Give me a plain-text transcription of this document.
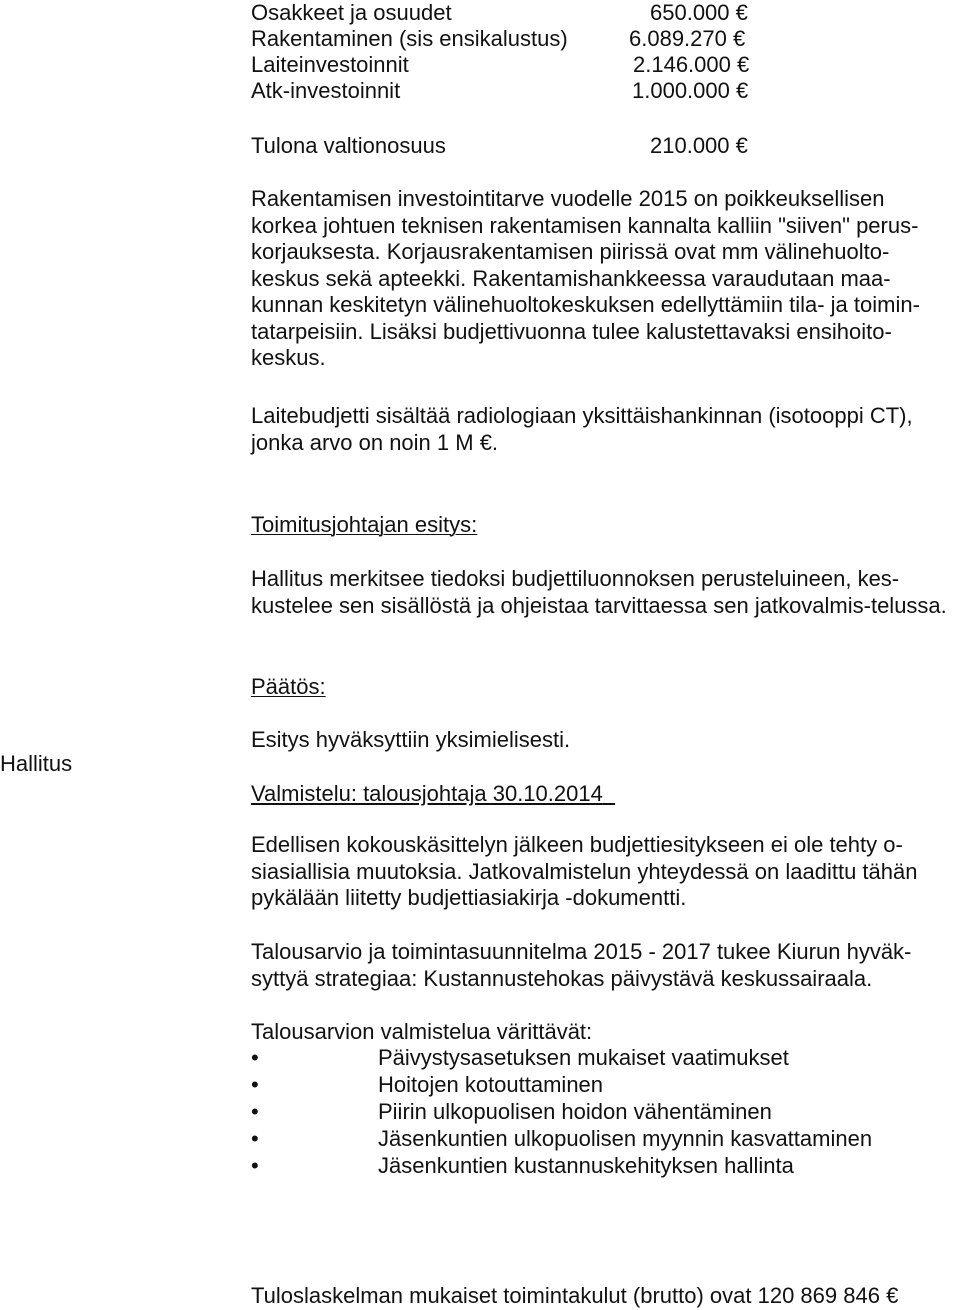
Osakkeet ja osuudet	650.000 €
Rakentaminen (sis ensikalustus)	6.089.270 €
Laiteinvestoinnit	2.146.000 €
Atk-investoinnit	1.000.000 €
Tulona valtionosuus	210.000 €
Rakentamisen investointitarve vuodelle 2015 on poikkeuksellisen korkea johtuen teknisen rakentamisen kannalta kalliin "siiven" perus-korjauksesta. Korjausrakentamisen piirissä ovat mm välinehuolto-keskus sekä apteekki. Rakentamishankkeessa varaudutaan maa-kunnan keskitetyn välinehuoltokeskuksen edellyttämiin tila- ja toimin-tatarpeisiin. Lisäksi budjettivuonna tulee kalustettavaksi ensihoito-keskus.
Laitebudjetti sisältää radiologiaan yksittäishankinnan (isotooppi CT), jonka arvo on noin 1 M €.
Toimitusjohtajan esitys:
Hallitus merkitsee tiedoksi budjettiluonnoksen perusteluineen, kes-kustelee sen sisällöstä ja ohjeistaa tarvittaessa sen jatkovalmis-telussa.
Päätös:
Hallitus
Esitys hyväksyttiin yksimielisesti.
Valmistelu: talousjohtaja 30.10.2014
Edellisen kokouskäsittelyn jälkeen budjettiesitykseen ei ole tehty o-siasiallisia muutoksia. Jatkovalmistelun yhteydessä on laadittu tähän pykälään liitetty budjettiasiakirja -dokumentti.
Talousarvio ja toimintasuunnitelma 2015 - 2017 tukee Kiurun hyväk-syttyä strategiaa: Kustannustehokas päivystävä keskussairaala.
Talousarvion valmistelua värittävät:
•	Päivystysasetuksen mukaiset vaatimukset
•	Hoitojen kotouttaminen
•	Piirin ulkopuolisen hoidon vähentäminen
•	Jäsenkuntien ulkopuolisen myynnin kasvattaminen
•	Jäsenkuntien kustannuskehityksen hallinta
Tuloslaskelman mukaiset toimintakulut (brutto) ovat 120 869 846 €
